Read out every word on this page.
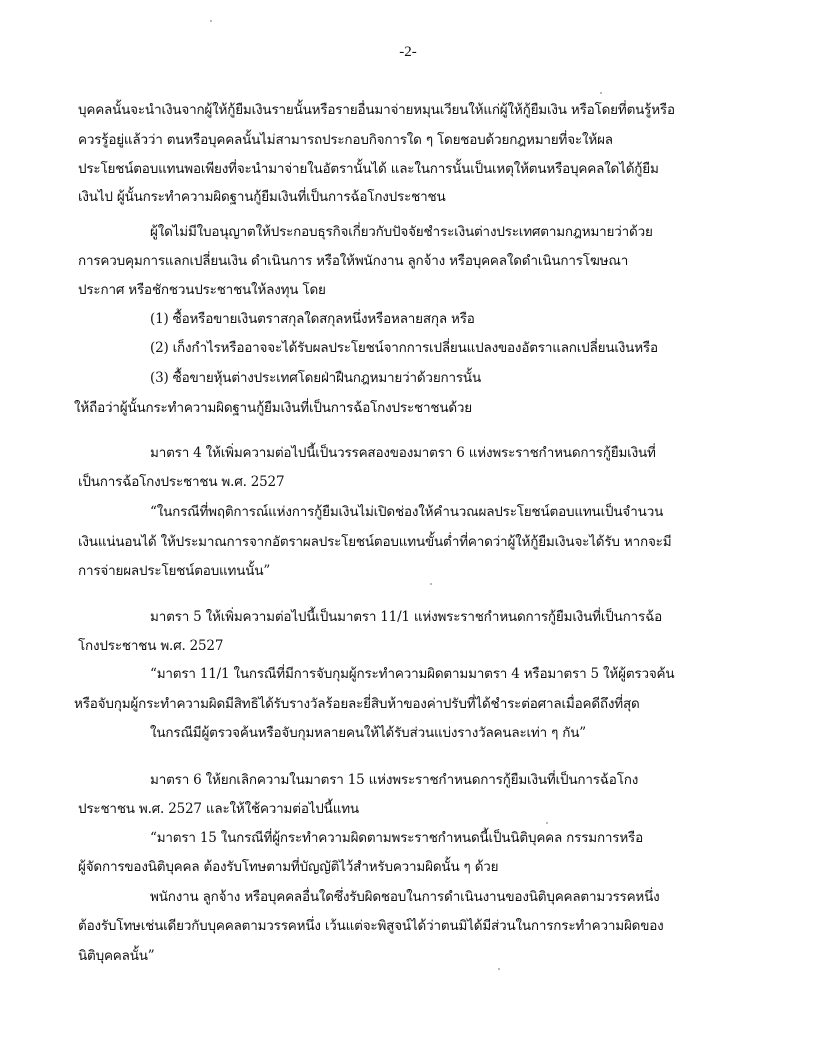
-2-
บุคคลนั้นจะนำเงินจากผู้ให้กู้ยืมเงินรายนั้นหรือรายอื่นมาจ่ายหมุนเวียนให้แก่ผู้ให้กู้ยืมเงิน หรือโดยที่ตนรู้หรือ
ควรรู้อยู่แล้วว่า ตนหรือบุคคลนั้นไม่สามารถประกอบกิจการใด ๆ โดยชอบด้วยกฎหมายที่จะให้ผล
ประโยชน์ตอบแทนพอเพียงที่จะนำมาจ่ายในอัตรานั้นได้ และในการนั้นเป็นเหตุให้ตนหรือบุคคลใดได้กู้ยืม
เงินไป ผู้นั้นกระทำความผิดฐานกู้ยืมเงินที่เป็นการฉ้อโกงประชาชน
ผู้ใดไม่มีใบอนุญาตให้ประกอบธุรกิจเกี่ยวกับปัจจัยชำระเงินต่างประเทศตามกฎหมายว่าด้วย
การควบคุมการแลกเปลี่ยนเงิน ดำเนินการ หรือให้พนักงาน ลูกจ้าง หรือบุคคลใดดำเนินการโฆษณา
ประกาศ หรือชักชวนประชาชนให้ลงทุน โดย
(1) ซื้อหรือขายเงินตราสกุลใดสกุลหนึ่งหรือหลายสกุล หรือ
(2) เก็งกำไรหรืออาจจะได้รับผลประโยชน์จากการเปลี่ยนแปลงของอัตราแลกเปลี่ยนเงินหรือ
(3) ซื้อขายหุ้นต่างประเทศโดยฝ่าฝืนกฎหมายว่าด้วยการนั้น
ให้ถือว่าผู้นั้นกระทำความผิดฐานกู้ยืมเงินที่เป็นการฉ้อโกงประชาชนด้วย
มาตรา 4 ให้เพิ่มความต่อไปนี้เป็นวรรคสองของมาตรา 6 แห่งพระราชกำหนดการกู้ยืมเงินที่
เป็นการฉ้อโกงประชาชน พ.ศ. 2527
“ในกรณีที่พฤติการณ์แห่งการกู้ยืมเงินไม่เปิดช่องให้คำนวณผลประโยชน์ตอบแทนเป็นจำนวน
เงินแน่นอนได้ ให้ประมาณการจากอัตราผลประโยชน์ตอบแทนขั้นต่ำที่คาดว่าผู้ให้กู้ยืมเงินจะได้รับ หากจะมี
การจ่ายผลประโยชน์ตอบแทนนั้น”
มาตรา 5 ให้เพิ่มความต่อไปนี้เป็นมาตรา 11/1 แห่งพระราชกำหนดการกู้ยืมเงินที่เป็นการฉ้อ
โกงประชาชน พ.ศ. 2527
“มาตรา 11/1 ในกรณีที่มีการจับกุมผู้กระทำความผิดตามมาตรา 4 หรือมาตรา 5 ให้ผู้ตรวจค้น
หรือจับกุมผู้กระทำความผิดมีสิทธิได้รับรางวัลร้อยละยี่สิบห้าของค่าปรับที่ได้ชำระต่อศาลเมื่อคดีถึงที่สุด
ในกรณีมีผู้ตรวจค้นหรือจับกุมหลายคนให้ได้รับส่วนแบ่งรางวัลคนละเท่า ๆ กัน”
มาตรา 6 ให้ยกเลิกความในมาตรา 15 แห่งพระราชกำหนดการกู้ยืมเงินที่เป็นการฉ้อโกง
ประชาชน พ.ศ. 2527 และให้ใช้ความต่อไปนี้แทน
“มาตรา 15 ในกรณีที่ผู้กระทำความผิดตามพระราชกำหนดนี้เป็นนิติบุคคล กรรมการหรือ
ผู้จัดการของนิติบุคคล ต้องรับโทษตามที่บัญญัติไว้สำหรับความผิดนั้น ๆ ด้วย
พนักงาน ลูกจ้าง หรือบุคคลอื่นใดซึ่งรับผิดชอบในการดำเนินงานของนิติบุคคลตามวรรคหนึ่ง
ต้องรับโทษเช่นเดียวกับบุคคลตามวรรคหนึ่ง เว้นแต่จะพิสูจน์ได้ว่าตนมิได้มีส่วนในการกระทำความผิดของ
นิติบุคคลนั้น”
